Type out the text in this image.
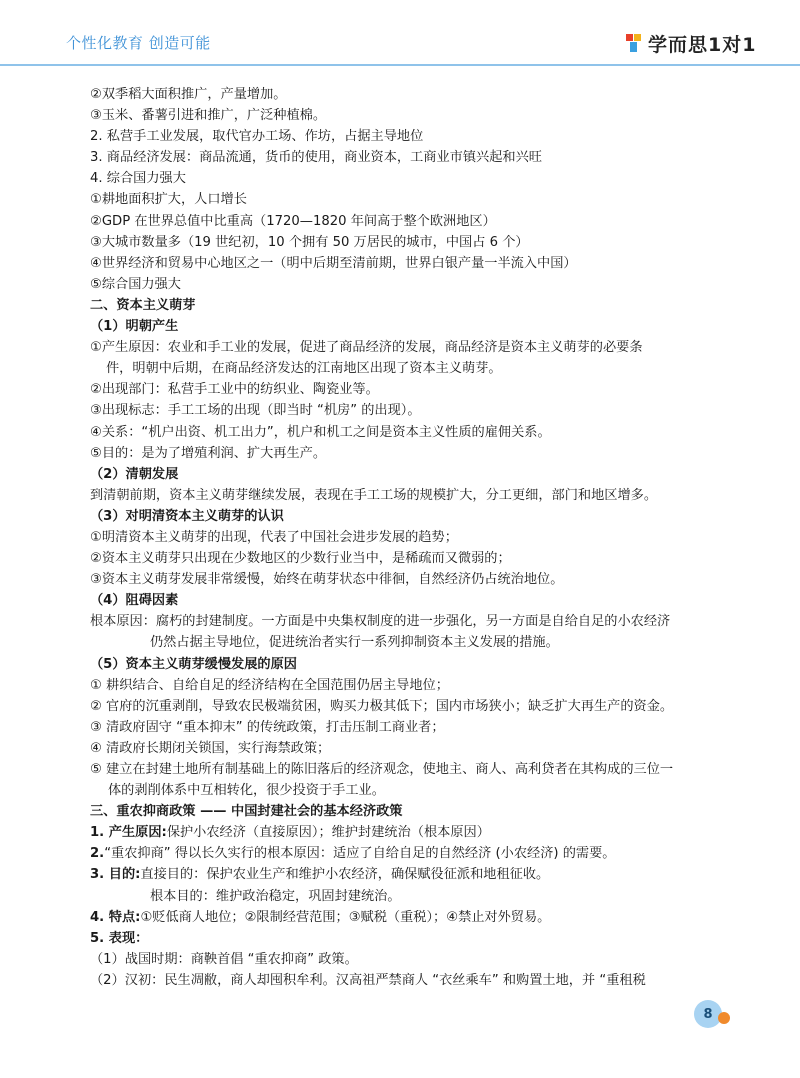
个性化教育 创造可能	学而思1对1
②双季稻大面积推广，产量增加。
③玉米、番薯引进和推广，广泛种植棉。
2. 私营手工业发展，取代官办工场、作坊，占据主导地位
3. 商品经济发展：商品流通，货币的使用，商业资本，工商业市镇兴起和兴旺
4. 综合国力强大
①耕地面积扩大，人口增长
②GDP 在世界总值中比重高（1720—1820 年间高于整个欧洲地区）
③大城市数量多（19 世纪初，10 个拥有 50 万居民的城市，中国占 6 个）
④世界经济和贸易中心地区之一（明中后期至清前期，世界白银产量一半流入中国）
⑤综合国力强大
二、资本主义萌芽
（1）明朝产生
①产生原因：农业和手工业的发展，促进了商品经济的发展，商品经济是资本主义萌芽的必要条
件，明朝中后期，在商品经济发达的江南地区出现了资本主义萌芽。
②出现部门：私营手工业中的纺织业、陶瓷业等。
③出现标志：手工工场的出现（即当时 “机房” 的出现）。
④关系：“机户出资、机工出力”，机户和机工之间是资本主义性质的雇佣关系。
⑤目的：是为了增殖利润、扩大再生产。
（2）清朝发展
到清朝前期，资本主义萌芽继续发展，表现在手工工场的规模扩大，分工更细，部门和地区增多。
（3）对明清资本主义萌芽的认识
①明清资本主义萌芽的出现，代表了中国社会进步发展的趋势；
②资本主义萌芽只出现在少数地区的少数行业当中，是稀疏而又微弱的；
③资本主义萌芽发展非常缓慢，始终在萌芽状态中徘徊，自然经济仍占统治地位。
（4）阻碍因素
根本原因：腐朽的封建制度。一方面是中央集权制度的进一步强化，另一方面是自给自足的小农经济
仍然占据主导地位，促进统治者实行一系列抑制资本主义发展的措施。
（5）资本主义萌芽缓慢发展的原因
① 耕织结合、自给自足的经济结构在全国范围仍居主导地位；
② 官府的沉重剥削，导致农民极端贫困，购买力极其低下；国内市场狭小；缺乏扩大再生产的资金。
③ 清政府固守 “重本抑末” 的传统政策，打击压制工商业者；
④ 清政府长期闭关锁国，实行海禁政策；
⑤ 建立在封建土地所有制基础上的陈旧落后的经济观念，使地主、商人、高利贷者在其构成的三位一
体的剥削体系中互相转化，很少投资于手工业。
三、重农抑商政策 —— 中国封建社会的基本经济政策
1. 产生原因:保护小农经济（直接原因）；维护封建统治（根本原因）
2.“重农抑商” 得以长久实行的根本原因：适应了自给自足的自然经济 (小农经济) 的需要。
3. 目的:直接目的：保护农业生产和维护小农经济，确保赋役征派和地租征收。
根本目的：维护政治稳定，巩固封建统治。
4. 特点:①贬低商人地位；②限制经营范围；③赋税（重税）；④禁止对外贸易。
5. 表现：
（1）战国时期：商鞅首倡 “重农抑商” 政策。
（2）汉初：民生凋敝，商人却囤积牟利。汉高祖严禁商人 “衣丝乘车” 和购置土地，并 “重租税
8
